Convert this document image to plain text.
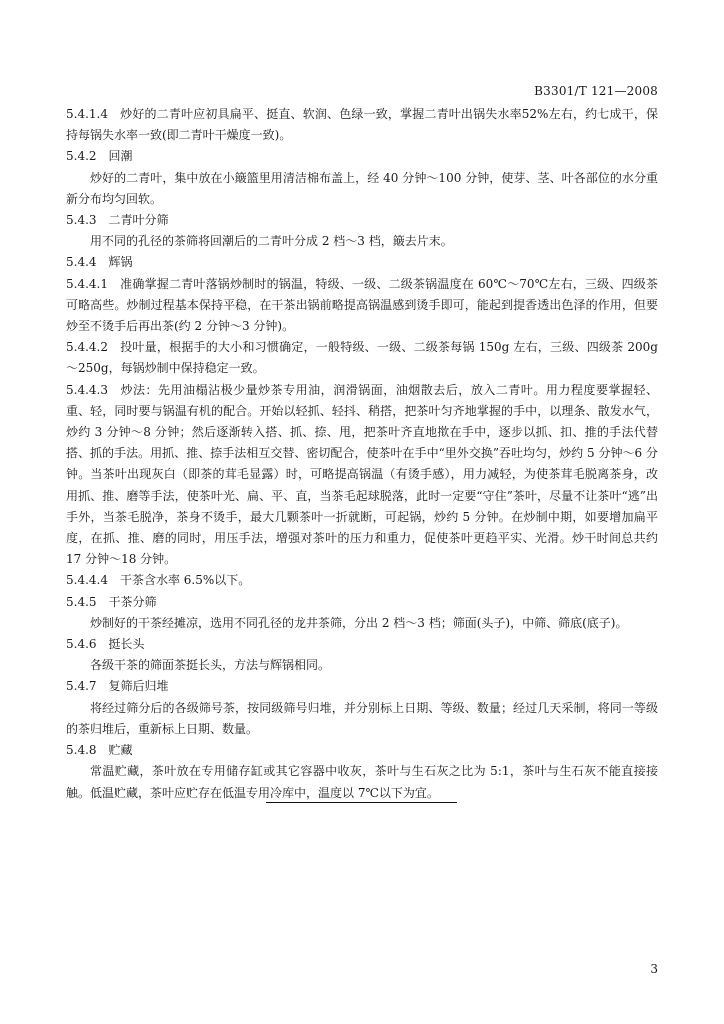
B3301/T 121—2008

5.4.1.4 炒好的二青叶应初具扁平、挺直、软润、色绿一致，掌握二青叶出锅失水率52%左右，约七成干，保持每锅失水率一致(即二青叶干燥度一致)。

5.4.2 回潮

炒好的二青叶，集中放在小簸篮里用清洁棉布盖上，经 40 分钟～100 分钟，使芽、茎、叶各部位的水分重新分布均匀回软。

5.4.3 二青叶分筛

用不同的孔径的茶筛将回潮后的二青叶分成 2 档～3 档，簸去片末。

5.4.4 辉锅

5.4.4.1 准确掌握二青叶落锅炒制时的锅温，特级、一级、二级茶锅温度在 60℃～70℃左右，三级、四级茶可略高些。炒制过程基本保持平稳，在干茶出锅前略提高锅温感到烫手即可，能起到提香透出色泽的作用，但要炒至不烫手后再出茶(约 2 分钟～3 分钟)。

5.4.4.2 投叶量，根据手的大小和习惯确定，一般特级、一级、二级茶每锅 150g 左右，三级、四级茶 200g～250g，每锅炒制中保持稳定一致。

5.4.4.3 炒法：先用油榻沾极少量炒茶专用油，润滑锅面，油烟散去后，放入二青叶。用力程度要掌握轻、重、轻，同时要与锅温有机的配合。开始以轻抓、轻抖、稍搭，把茶叶匀齐地掌握的手中，以理条、散发水气，炒约 3 分钟～8 分钟；然后逐渐转入搭、抓、捺、甩，把茶叶齐直地揿在手中，逐步以抓、扣、推的手法代替搭、抓的手法。用抓、推、捺手法相互交替、密切配合，使茶叶在手中“里外交换”吞吐均匀，炒约 5 分钟～6 分钟。当茶叶出现灰白（即茶的茸毛显露）时，可略提高锅温（有烫手感），用力减轻，为使茶茸毛脱离茶身，改用抓、推、磨等手法，使茶叶光、扁、平、直，当茶毛起球脱落，此时一定要“守住”茶叶，尽量不让茶叶“逃”出手外，当茶毛脱净，茶身不烫手，最大几颗茶叶一折就断，可起锅，炒约 5 分钟。在炒制中期，如要增加扁平度，在抓、推、磨的同时，用压手法，增强对茶叶的压力和重力，促使茶叶更趋平实、光滑。炒干时间总共约 17 分钟～18 分钟。

5.4.4.4 干茶含水率 6.5%以下。

5.4.5 干茶分筛

炒制好的干茶经摊凉，选用不同孔径的龙井茶筛，分出 2 档～3 档；筛面(头子)，中筛、筛底(底子)。

5.4.6 挺长头

各级干茶的筛面茶挺长头，方法与辉锅相同。

5.4.7 复筛后归堆

将经过筛分后的各级筛号茶，按同级筛号归堆，并分别标上日期、等级、数量；经过几天采制，将同一等级的茶归堆后，重新标上日期、数量。

5.4.8 贮藏

常温贮藏，茶叶放在专用储存缸或其它容器中收灰，茶叶与生石灰之比为 5:1，茶叶与生石灰不能直接接触。低温贮藏，茶叶应贮存在低温专用冷库中，温度以 7℃以下为宜。

3
